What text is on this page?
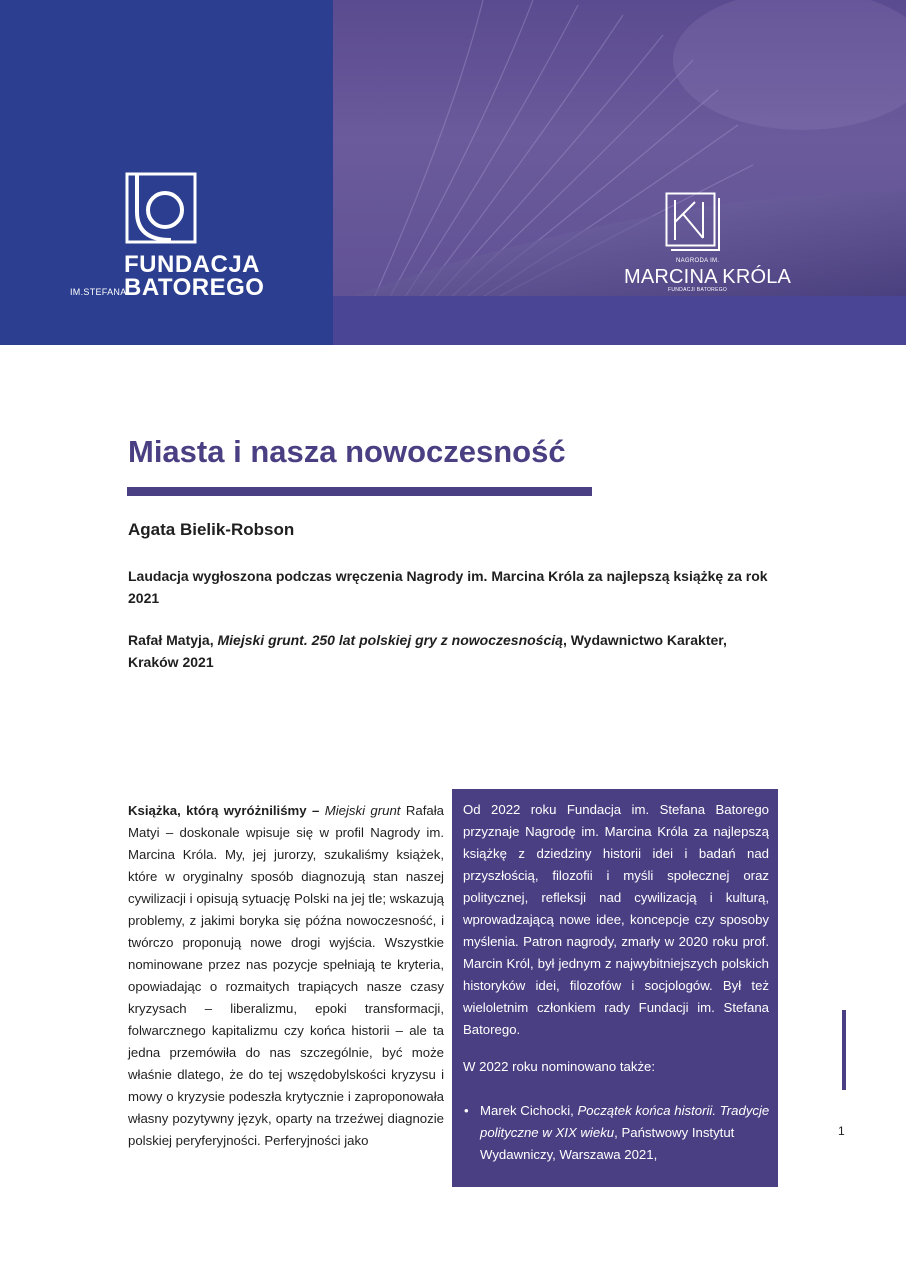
FUNDACJA
IM.STEFANA
BATOREGO
NAGRODA IM.
MARCINA KRÓLA
FUNDACJI BATOREGO
Miasta i nasza nowoczesność
Agata Bielik-Robson
Laudacja wygłoszona podczas wręczenia Nagrody im. Marcina Króla za najlepszą książkę za rok 2021
Rafał Matyja, Miejski grunt. 250 lat polskiej gry z nowoczesnością, Wydawnictwo Karakter, Kraków 2021
Książka, którą wyróżniliśmy – Miejski grunt Rafała Matyi – doskonale wpisuje się w profil Nagrody im. Marcina Króla. My, jej jurorzy, szukaliśmy książek, które w oryginalny sposób diagnozują stan naszej cywilizacji i opisują sytuację Polski na jej tle; wskazują problemy, z jakimi boryka się późna nowoczesność, i twórczo proponują nowe drogi wyjścia. Wszystkie nominowane przez nas pozycje spełniają te kryteria, opowiadając o rozmaitych trapiących nasze czasy kryzysach – liberalizmu, epoki transformacji, folwarcznego kapitalizmu czy końca historii – ale ta jedna przemówiła do nas szczególnie, być może właśnie dlatego, że do tej wszędobylskości kryzysu i mowy o kryzysie podeszła krytycznie i zaproponowała własny pozytywny język, oparty na trzeźwej diagnozie polskiej peryferyjności. Perferyjności jako

Od 2022 roku Fundacja im. Stefana Batorego przyznaje Nagrodę im. Marcina Króla za najlepszą książkę z dziedziny historii idei i badań nad przyszłością, filozofii i myśli społecznej oraz politycznej, refleksji nad cywilizacją i kulturą, wprowadzającą nowe idee, koncepcje czy sposoby myślenia. Patron nagrody, zmarły w 2020 roku prof. Marcin Król, był jednym z najwybitniejszych polskich historyków idei, filozofów i socjologów. Był też wieloletnim członkiem rady Fundacji im. Stefana Batorego.

W 2022 roku nominowano także:

• Marek Cichocki, Początek końca historii. Tradycje polityczne w XIX wieku, Państwowy Instytut Wydawniczy, Warszawa 2021,
1
